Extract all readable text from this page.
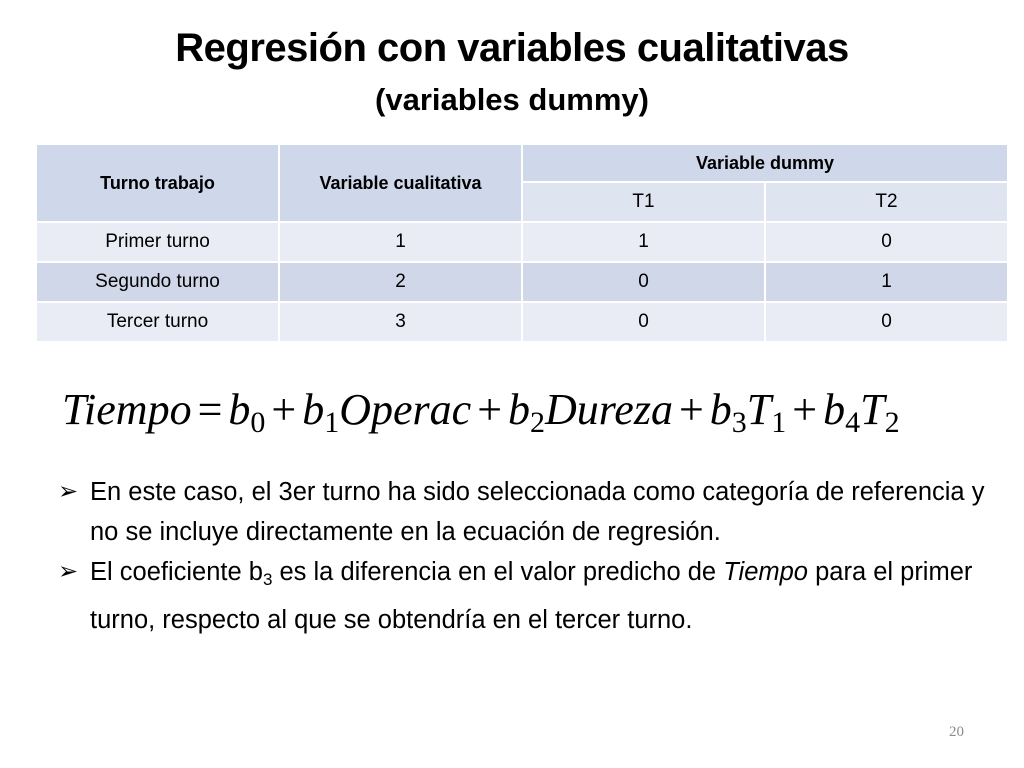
Regresión con variables cualitativas
(variables dummy)
Turno trabajo	Variable cualitativa	Variable dummy	
		T1	T2
Primer turno	1	1	0
Segundo turno	2	0	1
Tercer turno	3	0	0
Tiempo = $b_0$ + $b_1Operac$ + $b_2Dureza + b_3T_1 + b_4T_2$
➢ En este caso, el 3er turno ha sido seleccionada como categoría de referencia y no se incluye directamente en la ecuación de regresión.
➢ El coeficiente $b_3$ es la diferencia en el valor predicho de Tiempo para el primer turno, respecto al que se obtendría en el tercer turno.
20
